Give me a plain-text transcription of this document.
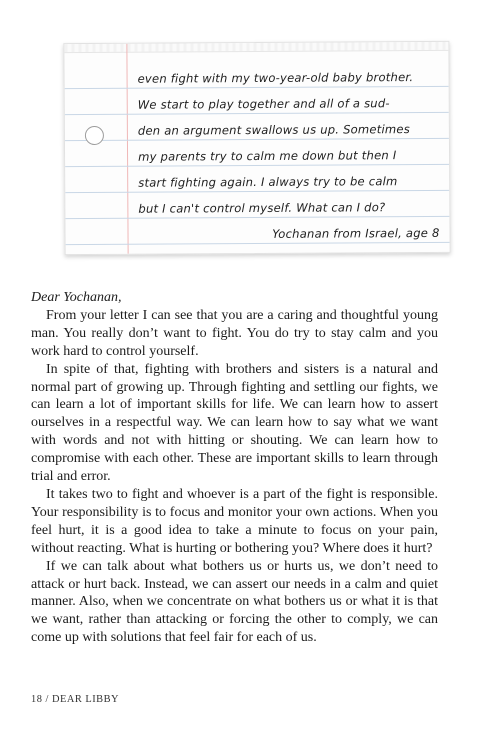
even fight with my two-year-old baby brother.
We start to play together and all of a sud-
den an argument swallows us up. Sometimes
my parents try to calm me down but then I
start fighting again. I always try to be calm
but I can't control myself. What can I do?
Yochanan from Israel, age 8
Dear Yochanan,

From your letter I can see that you are a caring and thoughtful young man. You really don’t want to fight. You do try to stay calm and you work hard to control yourself.

In spite of that, fighting with brothers and sisters is a natural and normal part of growing up. Through fighting and settling our fights, we can learn a lot of important skills for life. We can learn how to assert ourselves in a respectful way. We can learn how to say what we want with words and not with hitting or shouting. We can learn how to compromise with each other. These are important skills to learn through trial and error.

It takes two to fight and whoever is a part of the fight is responsible. Your responsibility is to focus and monitor your own actions. When you feel hurt, it is a good idea to take a minute to focus on your pain, without reacting. What is hurting or bothering you? Where does it hurt?

If we can talk about what bothers us or hurts us, we don’t need to attack or hurt back. Instead, we can assert our needs in a calm and quiet manner. Also, when we concentrate on what bothers us or what it is that we want, rather than attacking or forcing the other to comply, we can come up with solutions that feel fair for each of us.

18 / DEAR LIBBY
